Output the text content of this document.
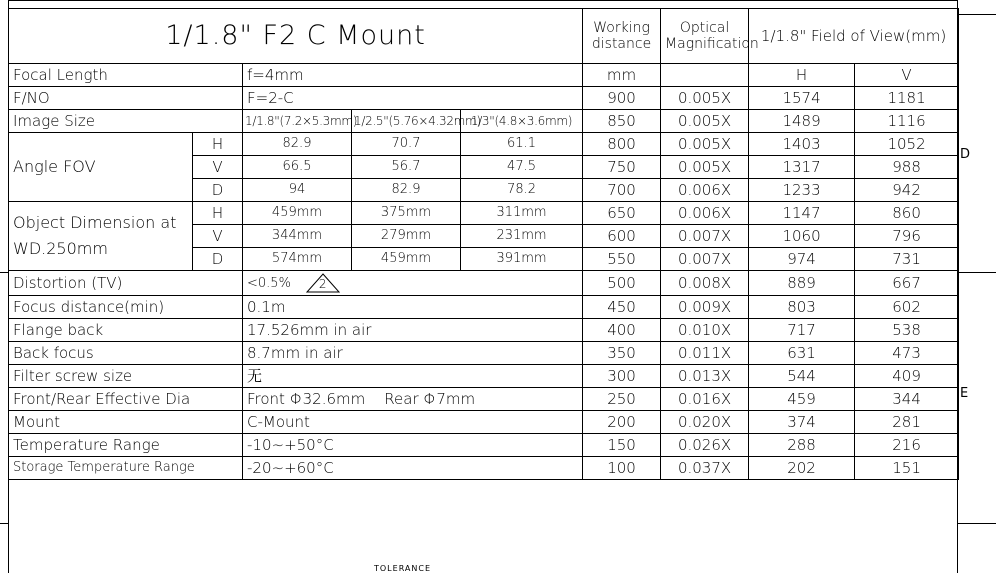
D
E
1/1.8" F2 C Mount					Working distance	Optical Magnification	1/1.8" Field of View(mm)	
Focal Length		f=4mm			mm		H	V
F/NO		F=2-C			900	0.005X	1574	1181
Image Size		1/1.8"(7.2×5.3mm)	1/2.5"(5.76×4.32mm)	1/3"(4.8×3.6mm)	850	0.005X	1489	1116
Angle FOV	H	82.9	70.7	61.1	800	0.005X	1403	1052
	V	66.5	56.7	47.5	750	0.005X	1317	988
	D	94	82.9	78.2	700	0.006X	1233	942
Object Dimension at WD.250mm	H	459mm	375mm	311mm	650	0.006X	1147	860
	V	344mm	279mm	231mm	600	0.007X	1060	796
	D	574mm	459mm	391mm	550	0.007X	974	731
Distortion (TV)		<0.5% 2			500	0.008X	889	667
Focus distance(min)		0.1m			450	0.009X	803	602
Flange back		17.526mm in air			400	0.010X	717	538
Back focus		8.7mm in air			350	0.011X	631	473
Filter screw size		无			300	0.013X	544	409
Front/Rear Effective Dia		Front Φ32.6mm    Rear Φ7mm			250	0.016X	459	344
Mount		C-Mount			200	0.020X	374	281
Temperature Range		-10~+50°C			150	0.026X	288	216
Storage Temperature Range		-20~+60°C			100	0.037X	202	151
TOLERANCE
